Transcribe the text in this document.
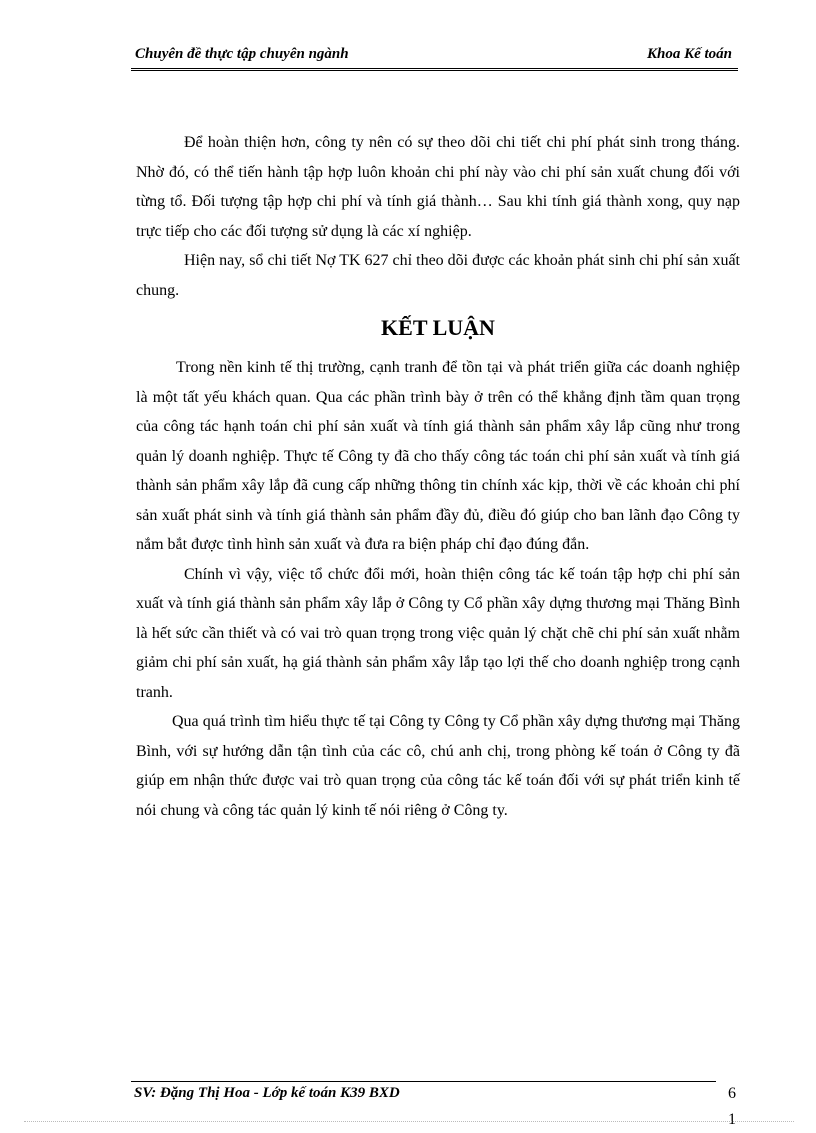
Chuyên đề thực tập chuyên ngành	Khoa Kế toán

Để hoàn thiện hơn, công ty nên có sự theo dõi chi tiết chi phí phát sinh trong tháng. Nhờ đó, có thể tiến hành tập hợp luôn khoản chi phí này vào chi phí sản xuất chung đối với từng tổ. Đối tượng tập hợp chi phí và tính giá thành… Sau khi tính giá thành xong, quy nạp trực tiếp cho các đối tượng sử dụng là các xí nghiệp.

Hiện nay, sổ chi tiết Nợ TK 627 chỉ theo dõi được các khoản phát sinh chi phí sản xuất chung.

KẾT LUẬN

Trong nền kinh tế thị trường, cạnh tranh để tồn tại và phát triển giữa các doanh nghiệp là một tất yếu khách quan. Qua các phần trình bày ở trên có thể khẳng định tầm quan trọng của công tác hạnh toán chi phí sản xuất và tính giá thành sản phẩm xây lắp cũng như trong quản lý doanh nghiệp. Thực tế Công ty đã cho thấy công tác toán chi phí sản xuất và tính giá thành sản phẩm xây lắp đã cung cấp những thông tin chính xác kịp, thời về các khoản chi phí sản xuất phát sinh và tính giá thành sản phẩm đầy đủ, điều đó giúp cho ban lãnh đạo Công ty nắm bắt được tình hình sản xuất và đưa ra biện pháp chỉ đạo đúng đắn.

Chính vì vậy, việc tổ chức đổi mới, hoàn thiện công tác kế toán tập hợp chi phí sản xuất và tính giá thành sản phẩm xây lắp ở Công ty Cổ phần xây dựng thương mại Thăng Bình là hết sức cần thiết và có vai trò quan trọng trong việc quản lý chặt chẽ chi phí sản xuất nhằm giảm chi phí sản xuất, hạ giá thành sản phẩm xây lắp tạo lợi thế cho doanh nghiệp trong cạnh tranh.

Qua quá trình tìm hiểu thực tế tại Công ty Công ty Cổ phần xây dựng thương mại Thăng Bình, với sự hướng dẫn tận tình của các cô, chú anh chị, trong phòng kế toán ở Công ty đã giúp em nhận thức được vai trò quan trọng của công tác kế toán đối với sự phát triển kinh tế nói chung và công tác quản lý kinh tế nói riêng ở Công ty.

SV: Đặng Thị Hoa - Lớp kế toán K39 BXD	6
1
